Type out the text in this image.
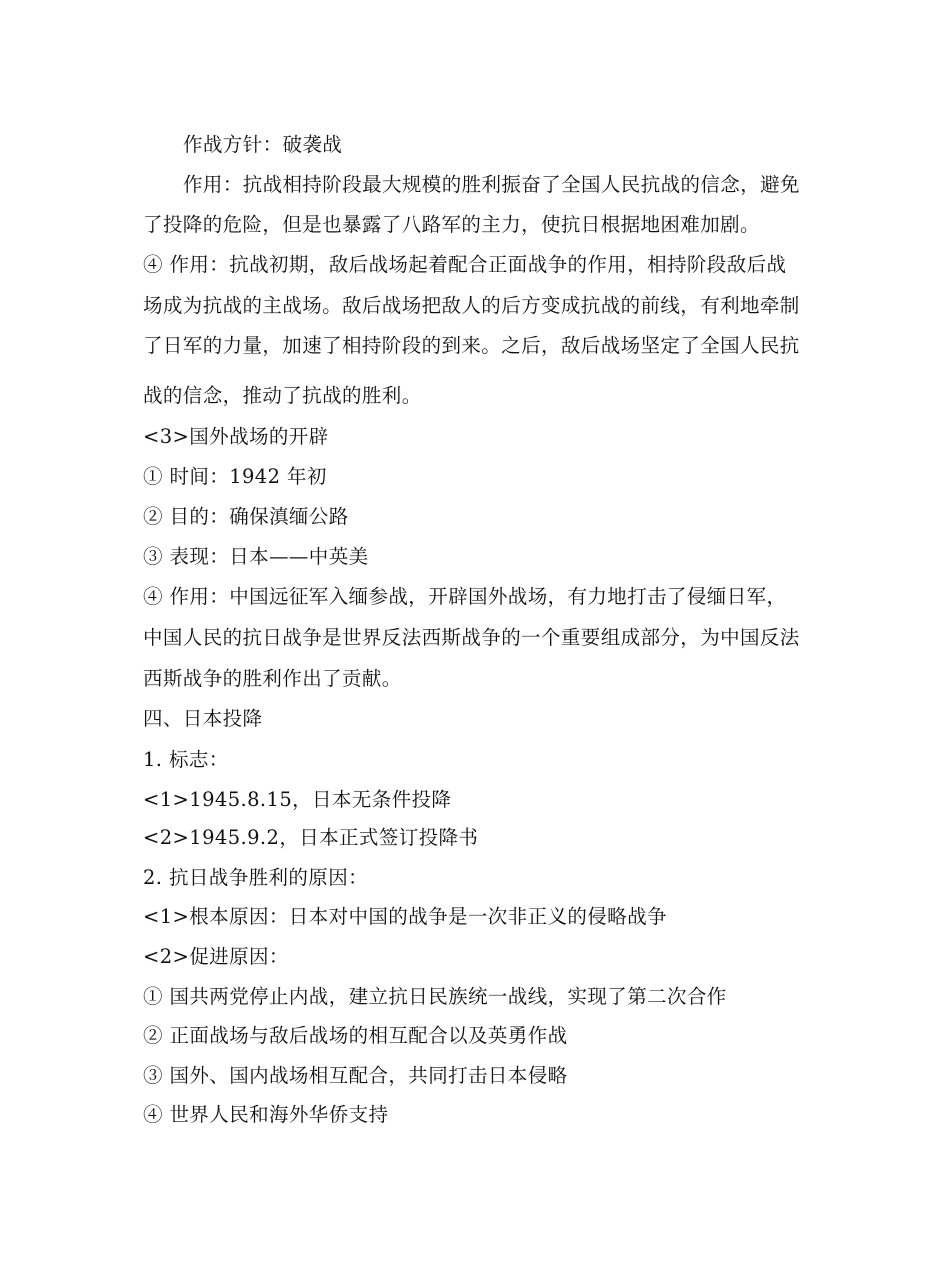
作战方针：破袭战
作用：抗战相持阶段最大规模的胜利振奋了全国人民抗战的信念，避免
了投降的危险，但是也暴露了八路军的主力，使抗日根据地困难加剧。
④ 作用：抗战初期，敌后战场起着配合正面战争的作用，相持阶段敌后战
场成为抗战的主战场。敌后战场把敌人的后方变成抗战的前线，有利地牵制
了日军的力量，加速了相持阶段的到来。之后，敌后战场坚定了全国人民抗
战的信念，推动了抗战的胜利。
<3>国外战场的开辟
① 时间：1942 年初
② 目的：确保滇缅公路
③ 表现：日本——中英美
④ 作用：中国远征军入缅参战，开辟国外战场，有力地打击了侵缅日军，
中国人民的抗日战争是世界反法西斯战争的一个重要组成部分，为中国反法
西斯战争的胜利作出了贡献。
四、日本投降
1. 标志：
<1>1945.8.15，日本无条件投降
<2>1945.9.2，日本正式签订投降书
2. 抗日战争胜利的原因：
<1>根本原因：日本对中国的战争是一次非正义的侵略战争
<2>促进原因：
① 国共两党停止内战，建立抗日民族统一战线，实现了第二次合作
② 正面战场与敌后战场的相互配合以及英勇作战
③ 国外、国内战场相互配合，共同打击日本侵略
④ 世界人民和海外华侨支持
